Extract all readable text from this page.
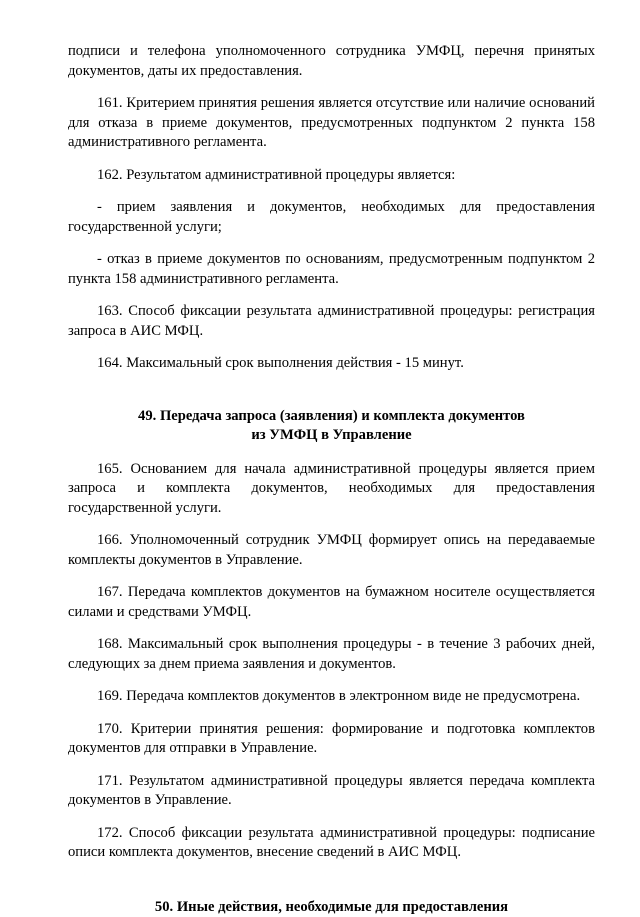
подписи и телефона уполномоченного сотрудника УМФЦ, перечня принятых документов, даты их предоставления.

161. Критерием принятия решения является отсутствие или наличие оснований для отказа в приеме документов, предусмотренных подпунктом 2 пункта 158 административного регламента.

162. Результатом административной процедуры является:

- прием заявления и документов, необходимых для предоставления государственной услуги;

- отказ в приеме документов по основаниям, предусмотренным подпунктом 2 пункта 158 административного регламента.

163. Способ фиксации результата административной процедуры: регистрация запроса в АИС МФЦ.

164. Максимальный срок выполнения действия - 15 минут.

49. Передача запроса (заявления) и комплекта документов

из УМФЦ в Управление

165. Основанием для начала административной процедуры является прием запроса и комплекта документов, необходимых для предоставления государственной услуги.

166. Уполномоченный сотрудник УМФЦ формирует опись на передаваемые комплекты документов в Управление.

167. Передача комплектов документов на бумажном носителе осуществляется силами и средствами УМФЦ.

168. Максимальный срок выполнения процедуры - в течение 3 рабочих дней, следующих за днем приема заявления и документов.

169. Передача комплектов документов в электронном виде не предусмотрена.

170. Критерии принятия решения: формирование и подготовка комплектов документов для отправки в Управление.

171. Результатом административной процедуры является передача комплекта документов в Управление.

172. Способ фиксации результата административной процедуры: подписание описи комплекта документов, внесение сведений в АИС МФЦ.

50. Иные действия, необходимые для предоставления
